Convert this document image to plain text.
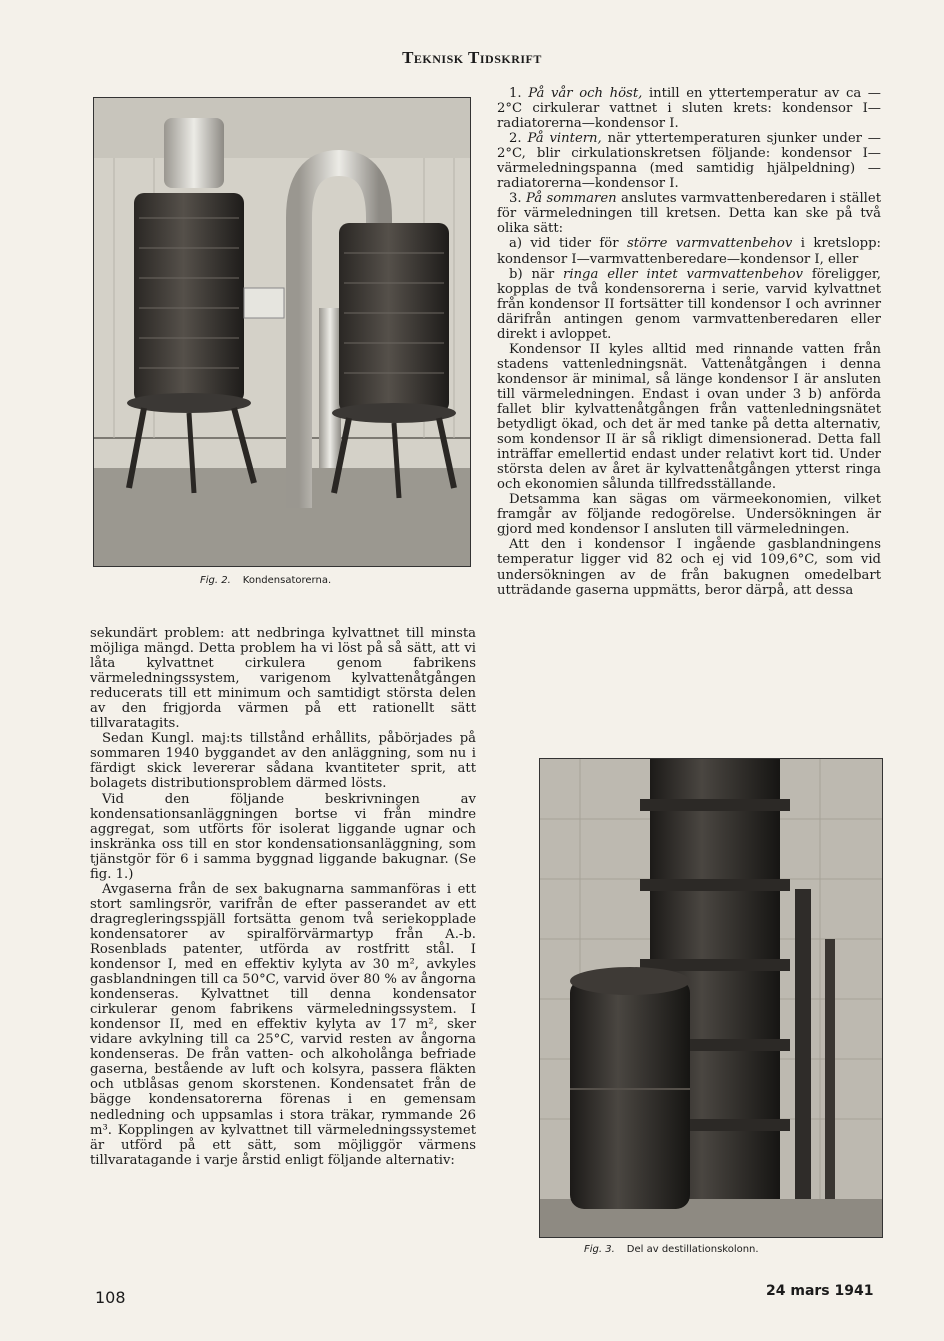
Teknisk Tidskrift
Fig. 2. Kondensatorerna.

sekundärt problem: att nedbringa kylvattnet till minsta möjliga mängd. Detta problem ha vi löst på så sätt, att vi låta kylvattnet cirkulera genom fabrikens värmeledningssystem, varigenom kylvattenåtgången reducerats till ett minimum och samtidigt största delen av den frigjorda värmen på ett rationellt sätt tillvaratagits.

Sedan Kungl. maj:ts tillstånd erhållits, påbörjades på sommaren 1940 byggandet av den anläggning, som nu i färdigt skick levererar sådana kvantiteter sprit, att bolagets distributionsproblem därmed lösts.

Vid den följande beskrivningen av kondensationsanläggningen bortse vi från mindre aggregat, som utförts för isolerat liggande ugnar och inskränka oss till en stor kondensationsanläggning, som tjänstgör för 6 i samma byggnad liggande bakugnar. (Se fig. 1.)

Avgaserna från de sex bakugnarna sammanföras i ett stort samlingsrör, varifrån de efter passerandet av ett dragregleringsspjäll fortsätta genom två seriekopplade kondensatorer av spiralförvärmartyp från A.-b. Rosenblads patenter, utförda av rostfritt stål. I kondensor I, med en effektiv kylyta av 30 m², avkyles gasblandningen till ca 50°C, varvid över 80 % av ångorna kondenseras. Kylvattnet till denna kondensator cirkulerar genom fabrikens värmeledningssystem. I kondensor II, med en effektiv kylyta av 17 m², sker vidare avkylning till ca 25°C, varvid resten av ångorna kondenseras. De från vatten- och alkoholånga befriade gaserna, bestående av luft och kolsyra, passera fläkten och utblåsas genom skorstenen. Kondensatet från de bägge kondensatorerna förenas i en gemensam nedledning och uppsamlas i stora träkar, rymmande 26 m³. Kopplingen av kylvattnet till värmeledningssystemet är utförd på ett sätt, som möjliggör värmens tillvaratagande i varje årstid enligt följande alternativ:

1. På vår och höst, intill en yttertemperatur av ca — 2°C cirkulerar vattnet i sluten krets: kondensor I—radiatorerna—kondensor I.

2. På vintern, när yttertemperaturen sjunker under — 2°C, blir cirkulationskretsen följande: kondensor I—värmeledningspanna (med samtidig hjälpeldning) —radiatorerna—kondensor I.

3. På sommaren anslutes varmvattenberedaren i stället för värmeledningen till kretsen. Detta kan ske på två olika sätt:

a) vid tider för större varmvattenbehov i kretslopp: kondensor I—varmvattenberedare—kondensor I, eller

b) när ringa eller intet varmvattenbehov föreligger, kopplas de två kondensorerna i serie, varvid kylvattnet från kondensor II fortsätter till kondensor I och avrinner därifrån antingen genom varmvattenberedaren eller direkt i avloppet.

Kondensor II kyles alltid med rinnande vatten från stadens vattenledningsnät. Vattenåtgången i denna kondensor är minimal, så länge kondensor I är ansluten till värmeledningen. Endast i ovan under 3 b) anförda fallet blir kylvattenåtgången från vattenledningsnätet betydligt ökad, och det är med tanke på detta alternativ, som kondensor II är så rikligt dimensionerad. Detta fall inträffar emellertid endast under relativt kort tid. Under största delen av året är kylvattenåtgången ytterst ringa och ekonomien sålunda tillfredsställande.

Detsamma kan sägas om värmeekonomien, vilket framgår av följande redogörelse. Undersökningen är gjord med kondensor I ansluten till värmeledningen.

Att den i kondensor I ingående gasblandningens temperatur ligger vid 82 och ej vid 109,6°C, som vid undersökningen av de från bakugnen omedelbart utträdande gaserna uppmätts, beror därpå, att dessa

Fig. 3. Del av destillationskolonn.
108	24 mars 1941
